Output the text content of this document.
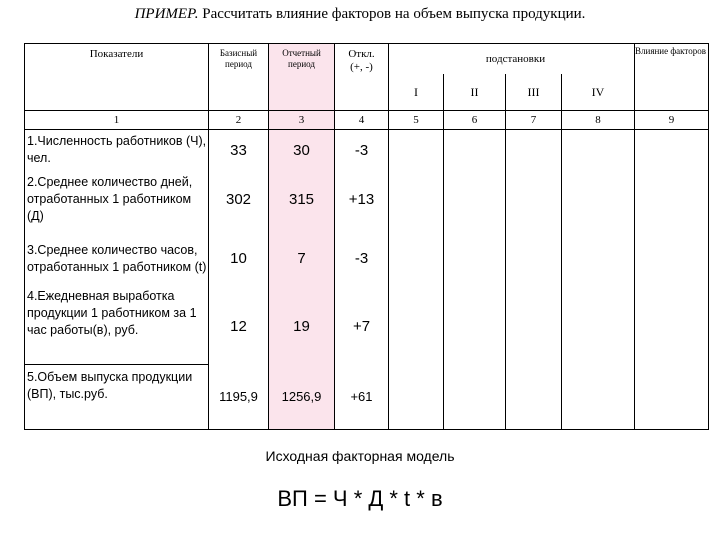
ПРИМЕР. Рассчитать влияние факторов на объем выпуска продукции.
Показатели	Базисный период	Отчетный период	Откл. (+, -)	подстановки				Влияние факторов
				I	II	III	IV	
1	2	3	4	5	6	7	8	9
1.Численность работников (Ч), чел.	33	30	-3					
2.Среднее количество дней, отработанных 1 работником (Д)	302	315	+13					
3.Среднее количество часов, отработанных 1 работником (t)	10	7	-3					
4.Ежедневная выработка продукции 1 работником за 1 час работы(в), руб.	12	19	+7					
5.Объем выпуска продукции (ВП), тыс.руб.	1195,9	1256,9	+61					
Исходная факторная модель
ВП = Ч * Д * t * в
